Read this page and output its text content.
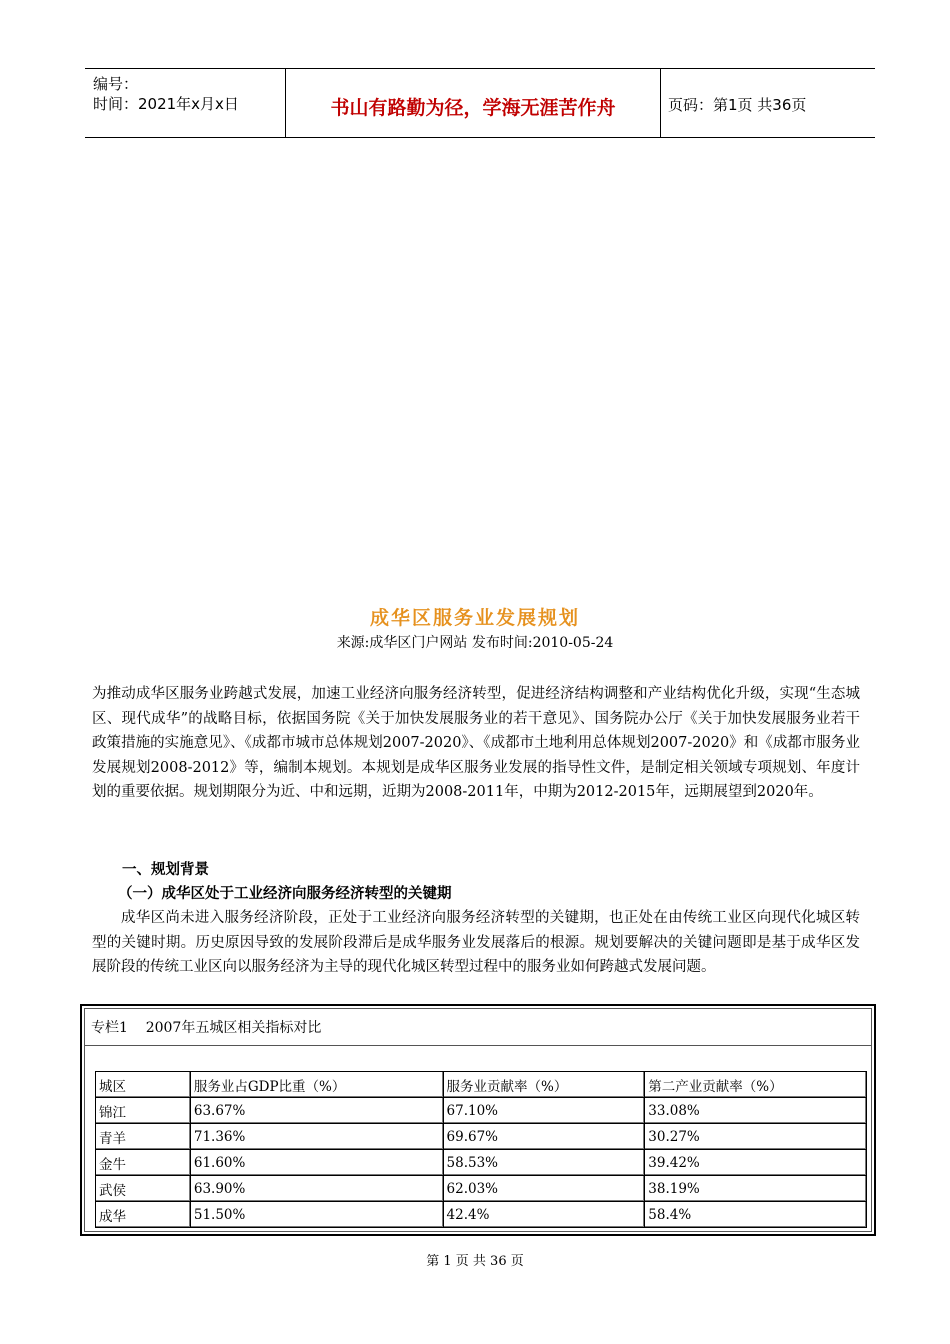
编号：
时间：2021年x月x日	书山有路勤为径，学海无涯苦作舟	页码：第1页 共36页
成华区服务业发展规划
来源:成华区门户网站 发布时间:2010-05-24
为推动成华区服务业跨越式发展，加速工业经济向服务经济转型，促进经济结构调整和产业结构优化升级，实现“生态城区、现代成华”的战略目标，依据国务院《关于加快发展服务业的若干意见》、国务院办公厅《关于加快发展服务业若干政策措施的实施意见》、《成都市城市总体规划2007-2020》、《成都市土地利用总体规划2007-2020》和《成都市服务业发展规划2008-2012》等，编制本规划。本规划是成华区服务业发展的指导性文件，是制定相关领域专项规划、年度计划的重要依据。规划期限分为近、中和远期，近期为2008-2011年，中期为2012-2015年，远期展望到2020年。
一、规划背景
（一）成华区处于工业经济向服务经济转型的关键期
成华区尚未进入服务经济阶段，正处于工业经济向服务经济转型的关键期，也正处在由传统工业区向现代化城区转型的关键时期。历史原因导致的发展阶段滞后是成华服务业发展落后的根源。规划要解决的关键问题即是基于成华区发展阶段的传统工业区向以服务经济为主导的现代化城区转型过程中的服务业如何跨越式发展问题。
专栏1    2007年五城区相关指标对比
城区	服务业占GDP比重（%）	服务业贡献率（%）	第二产业贡献率（%）
锦江	63.67%	67.10%	33.08%
青羊	71.36%	69.67%	30.27%
金牛	61.60%	58.53%	39.42%
武侯	63.90%	62.03%	38.19%
成华	51.50%	42.4%	58.4%
第 1 页 共 36 页
